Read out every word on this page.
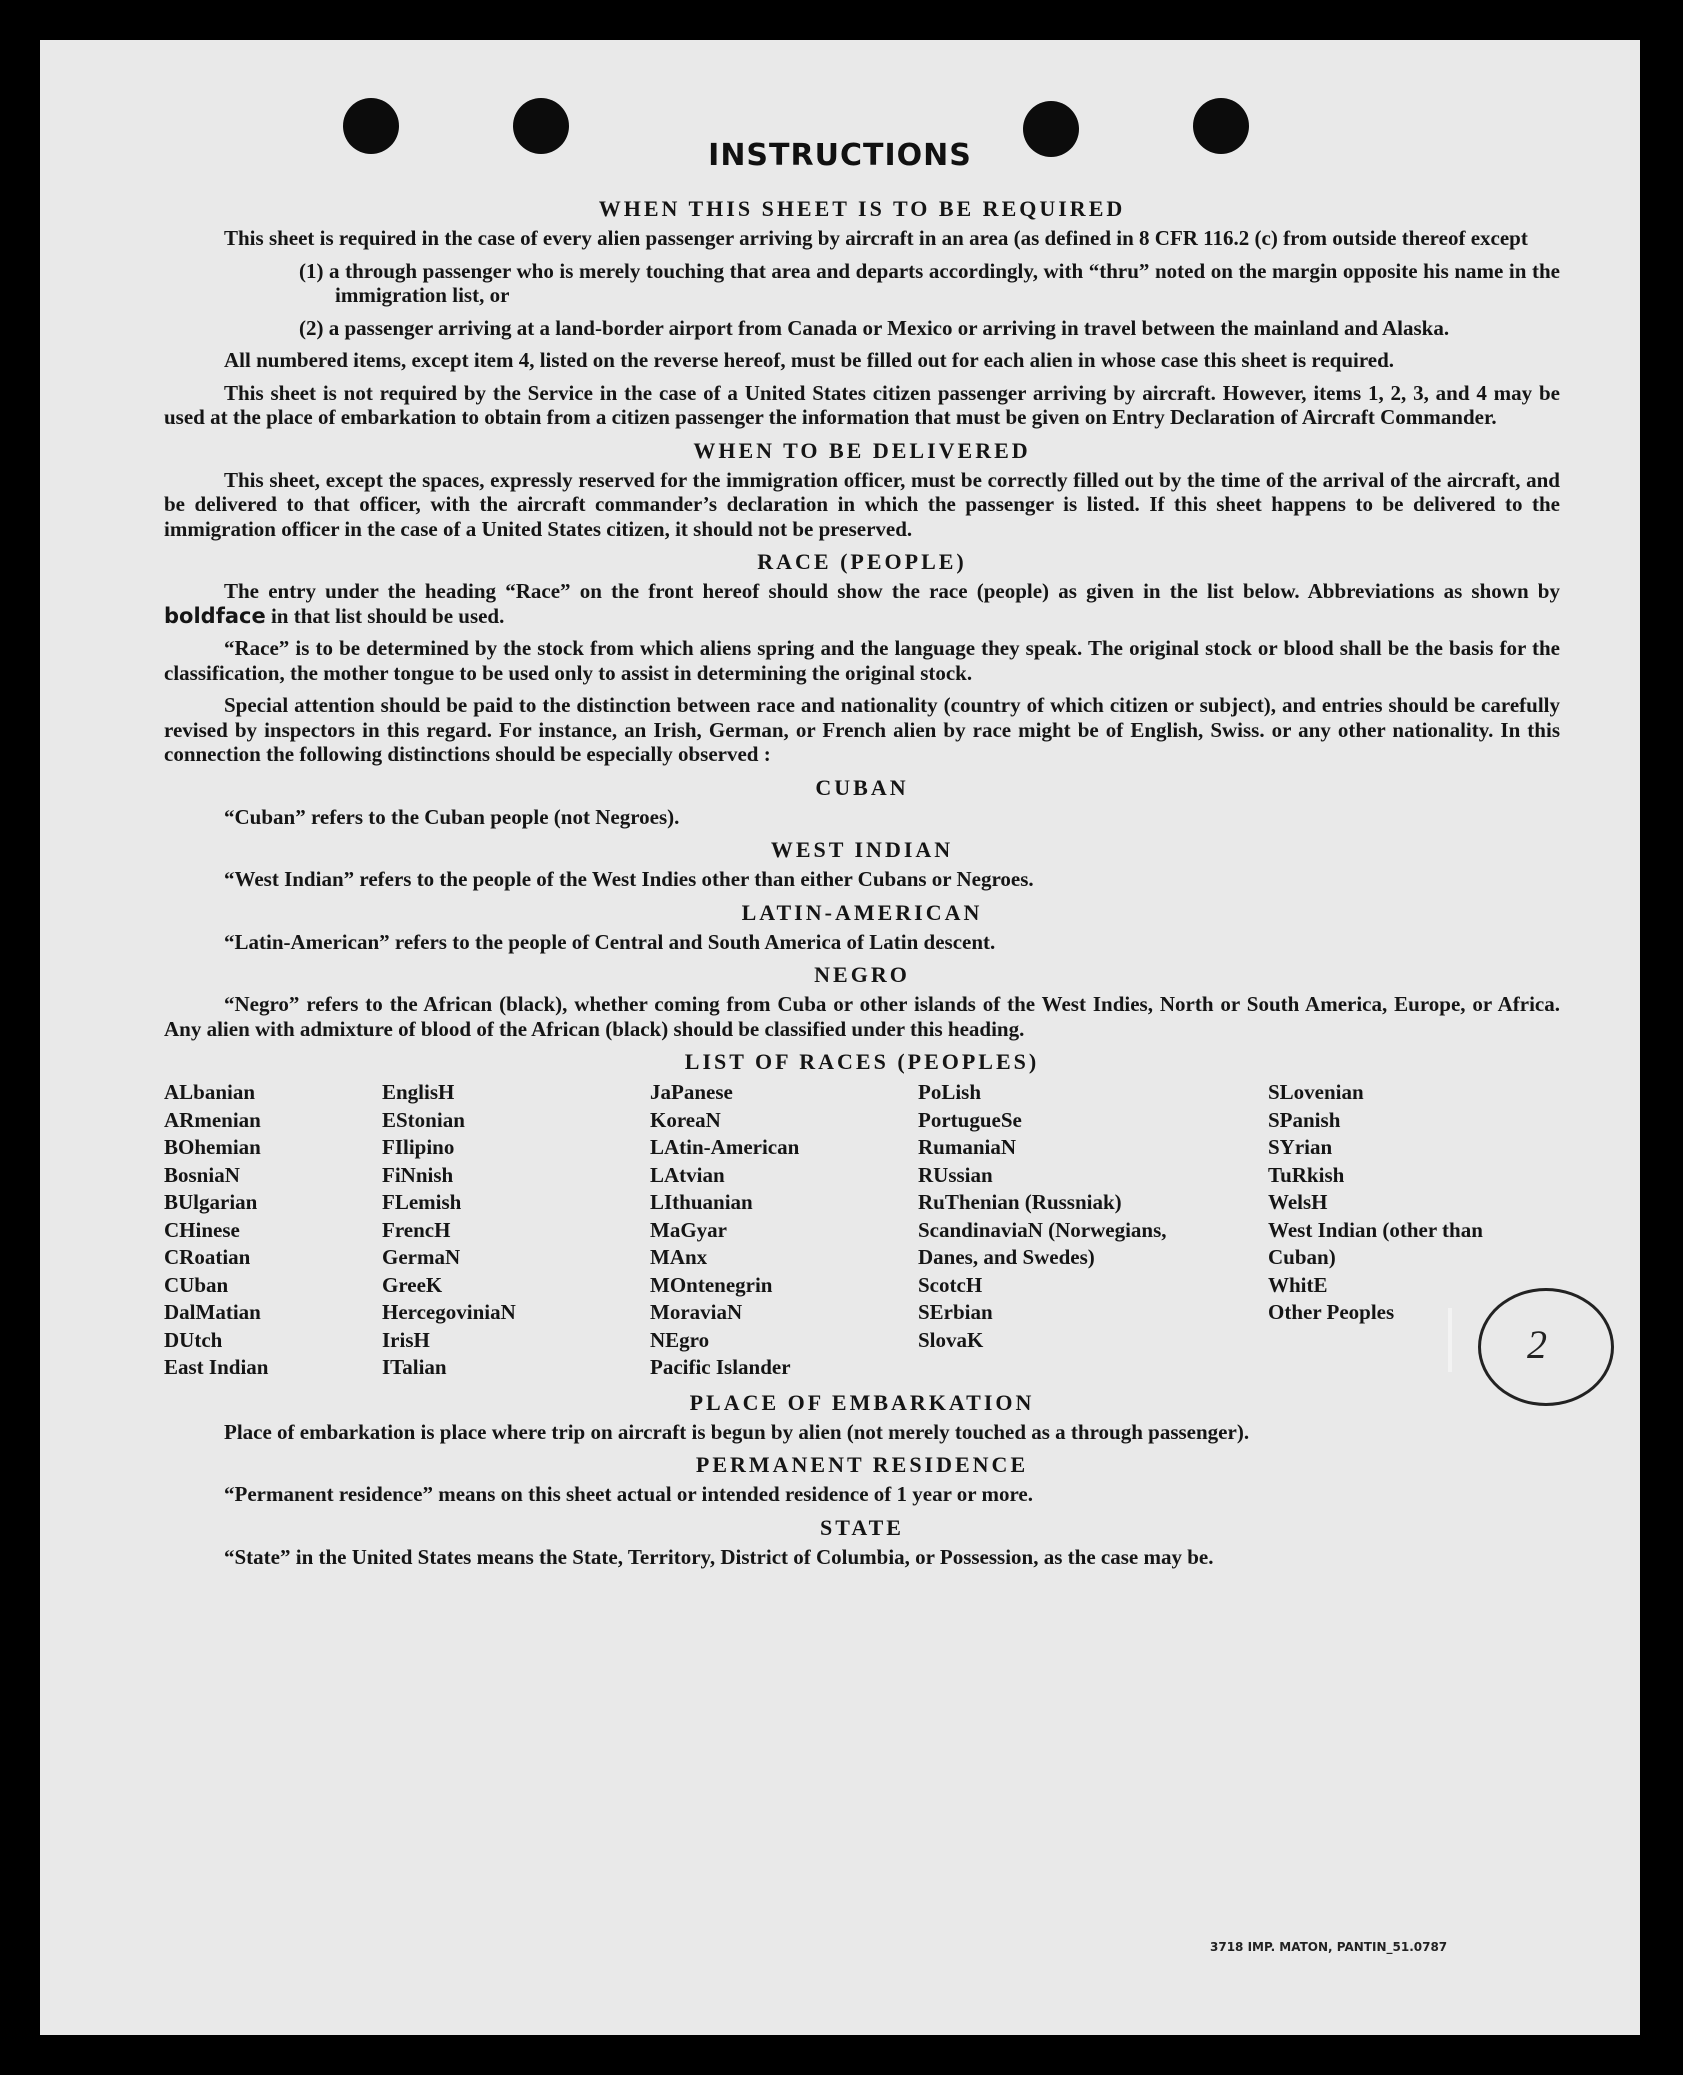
INSTRUCTIONS
WHEN THIS SHEET IS TO BE REQUIRED

This sheet is required in the case of every alien passenger arriving by aircraft in an area (as defined in 8 CFR 116.2 (c) from outside thereof except

(1) a through passenger who is merely touching that area and departs accordingly, with “thru” noted on the margin opposite his name in the immigration list, or

(2) a passenger arriving at a land-border airport from Canada or Mexico or arriving in travel between the mainland and Alaska.

All numbered items, except item 4, listed on the reverse hereof, must be filled out for each alien in whose case this sheet is required.

This sheet is not required by the Service in the case of a United States citizen passenger arriving by aircraft. However, items 1, 2, 3, and 4 may be used at the place of embarkation to obtain from a citizen passenger the information that must be given on Entry Declaration of Aircraft Commander.

WHEN TO BE DELIVERED

This sheet, except the spaces, expressly reserved for the immigration officer, must be correctly filled out by the time of the arrival of the aircraft, and be delivered to that officer, with the aircraft commander’s declaration in which the passenger is listed. If this sheet happens to be delivered to the immigration officer in the case of a United States citizen, it should not be preserved.

RACE (PEOPLE)

The entry under the heading “Race” on the front hereof should show the race (people) as given in the list below. Abbreviations as shown by boldface in that list should be used.

“Race” is to be determined by the stock from which aliens spring and the language they speak. The original stock or blood shall be the basis for the classification, the mother tongue to be used only to assist in determining the original stock.

Special attention should be paid to the distinction between race and nationality (country of which citizen or subject), and entries should be carefully revised by inspectors in this regard. For instance, an Irish, German, or French alien by race might be of English, Swiss. or any other nationality. In this connection the following distinctions should be especially observed :

CUBAN

“Cuban” refers to the Cuban people (not Negroes).

WEST INDIAN

“West Indian” refers to the people of the West Indies other than either Cubans or Negroes.

LATIN-AMERICAN

“Latin-American” refers to the people of Central and South America of Latin descent.

NEGRO

“Negro” refers to the African (black), whether coming from Cuba or other islands of the West Indies, North or South America, Europe, or Africa. Any alien with admixture of blood of the African (black) should be classified under this heading.

LIST OF RACES (PEOPLES)
ALbanian
ARmenian
BOhemian
BosniaN
BUlgarian
CHinese
CRoatian
CUban
DalMatian
DUtch
East Indian
EnglisH
EStonian
FIlipino
FiNnish
FLemish
FrencH
GermaN
GreeK
HercegoviniaN
IrisH
ITalian
JaPanese
KoreaN
LAtin-American
LAtvian
LIthuanian
MaGyar
MAnx
MOntenegrin
MoraviaN
NEgro
Pacific Islander
PoLish
PortugueSe
RumaniaN
RUssian
RuThenian (Russniak)
ScandinaviaN (Norwegians, Danes, and Swedes)
ScotcH
SErbian
SlovaK
SLovenian
SPanish
SYrian
TuRkish
WelsH
West Indian (other than Cuban)
WhitE
Other Peoples
PLACE OF EMBARKATION

Place of embarkation is place where trip on aircraft is begun by alien (not merely touched as a through passenger).

PERMANENT RESIDENCE

“Permanent residence” means on this sheet actual or intended residence of 1 year or more.

STATE

“State” in the United States means the State, Territory, District of Columbia, or Possession, as the case may be.

2
3718 IMP. MATON, PANTIN_51.0787
